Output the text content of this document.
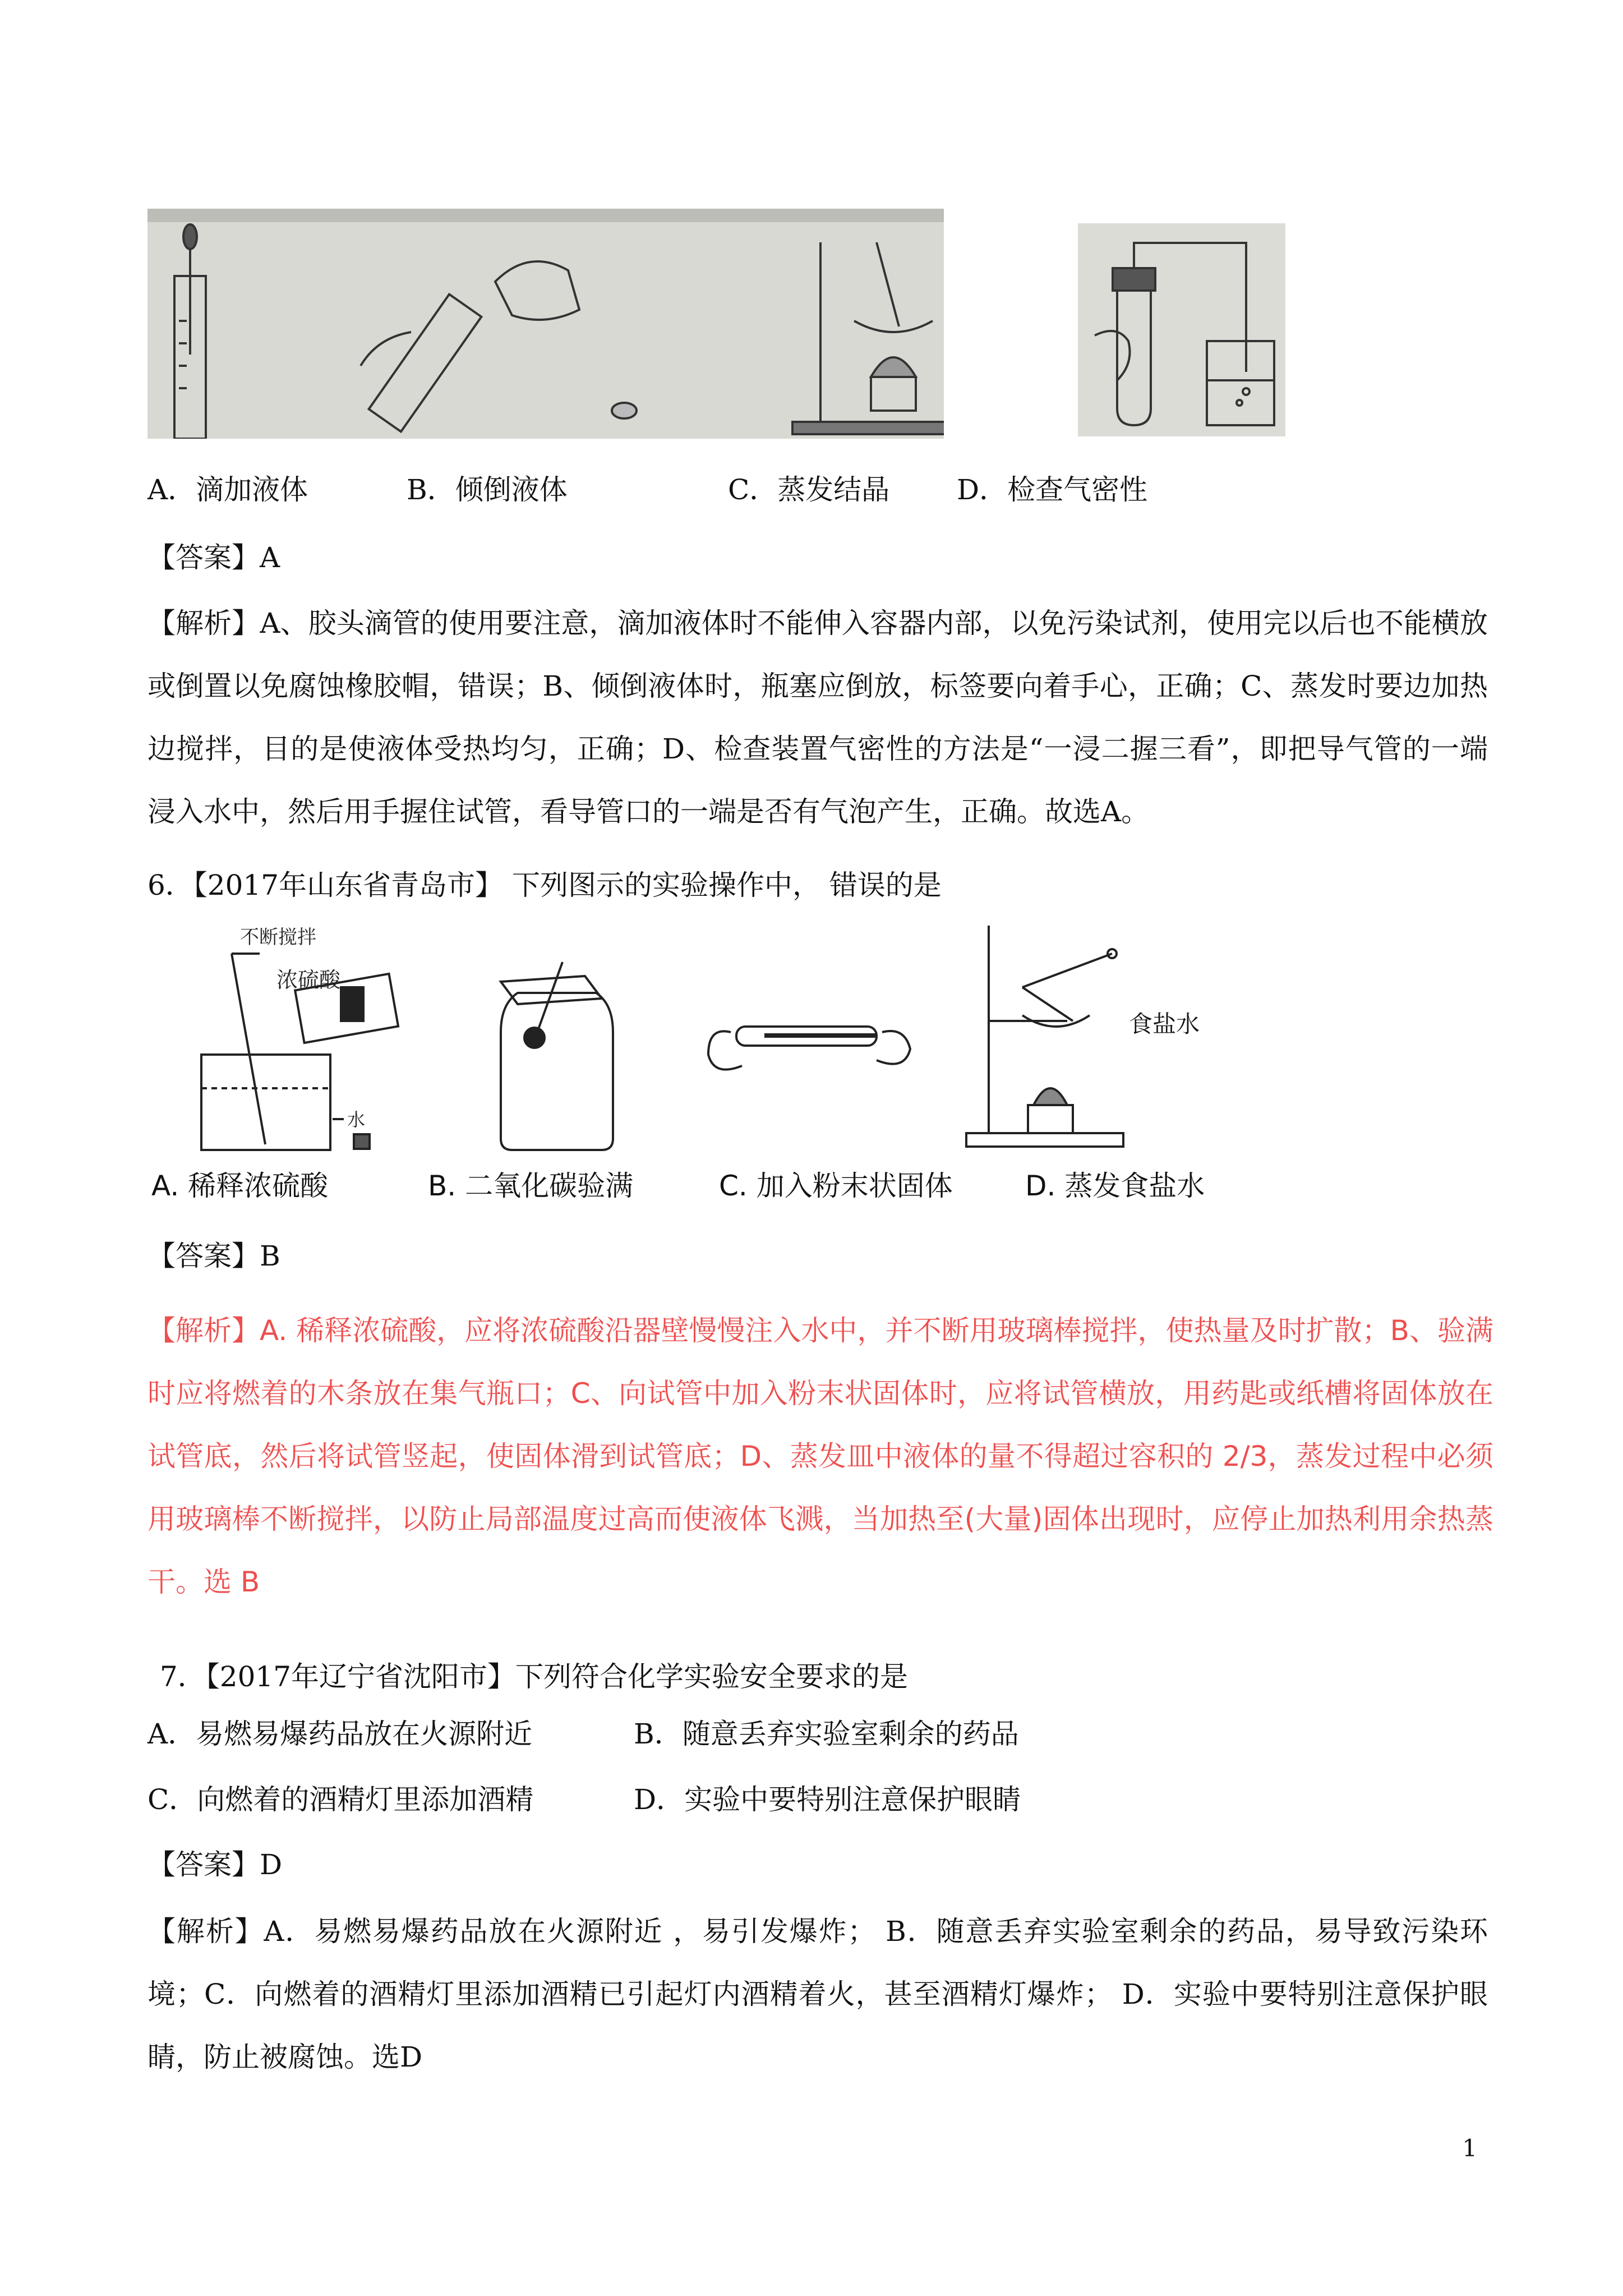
A．滴加液体	B．倾倒液体	C．蒸发结晶 D．检查气密性
【答案】A
【解析】A、胶头滴管的使用要注意，滴加液体时不能伸入容器内部，以免污染试剂，使用完以后也不能横放或倒置以免腐蚀橡胶帽，错误；B、倾倒液体时，瓶塞应倒放，标签要向着手心，正确；C、蒸发时要边加热边搅拌，目的是使液体受热均匀，正确；D、检查装置气密性的方法是“一浸二握三看”，即把导气管的一端浸入水中，然后用手握住试管，看导管口的一端是否有气泡产生，正确。故选A。
6．【2017年山东省青岛市】 下列图示的实验操作中， 错误的是
不断搅拌
浓硫酸
水
食盐水
A. 稀释浓硫酸	B. 二氧化碳验满	C. 加入粉末状固体	D. 蒸发食盐水
【答案】B
【解析】A. 稀释浓硫酸，应将浓硫酸沿器壁慢慢注入水中，并不断用玻璃棒搅拌，使热量及时扩散；B、验满时应将燃着的木条放在集气瓶口；C、向试管中加入粉末状固体时，应将试管横放，用药匙或纸槽将固体放在试管底，然后将试管竖起，使固体滑到试管底；D、蒸发皿中液体的量不得超过容积的 2/3，蒸发过程中必须用玻璃棒不断搅拌，以防止局部温度过高而使液体飞溅，当加热至(大量)固体出现时，应停止加热利用余热蒸干。选 B
7．【2017年辽宁省沈阳市】下列符合化学实验安全要求的是
A．易燃易爆药品放在火源附近	B．随意丢弃实验室剩余的药品
C．向燃着的酒精灯里添加酒精	D．实验中要特别注意保护眼睛
【答案】D
【解析】A．易燃易爆药品放在火源附近 ，易引发爆炸； B．随意丢弃实验室剩余的药品，易导致污染环境；C．向燃着的酒精灯里添加酒精已引起灯内酒精着火，甚至酒精灯爆炸； D．实验中要特别注意保护眼睛，防止被腐蚀。选D
1
